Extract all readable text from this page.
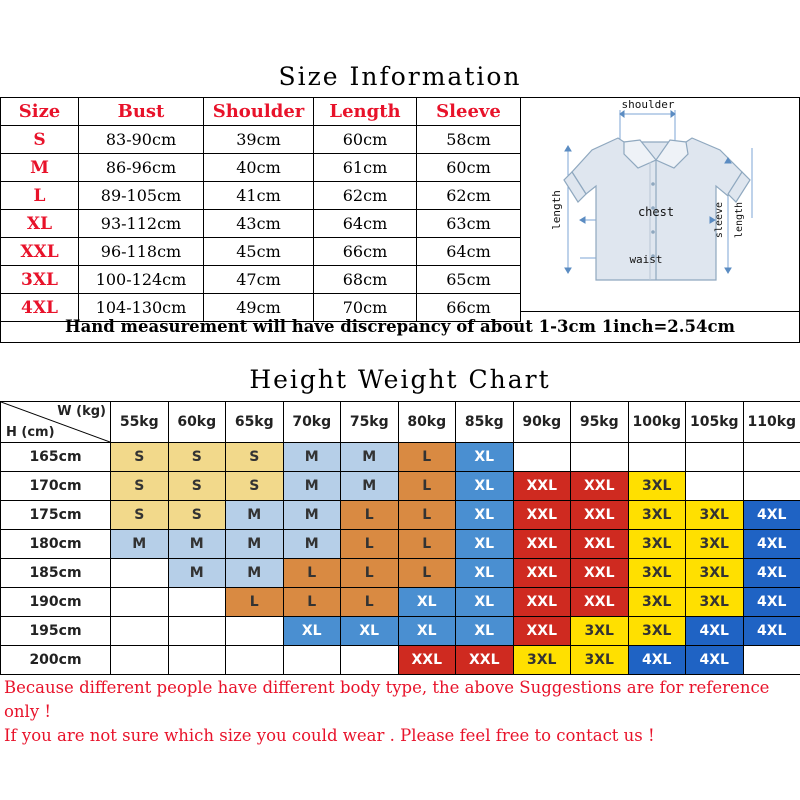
Size Information
Size	Bust	Shoulder	Length	Sleeve
S	83-90cm	39cm	60cm	58cm
M	86-96cm	40cm	61cm	60cm
L	89-105cm	41cm	62cm	62cm
XL	93-112cm	43cm	64cm	63cm
XXL	96-118cm	45cm	66cm	64cm
3XL	100-124cm	47cm	68cm	65cm
4XL	104-130cm	49cm	70cm	66cm
shoulder
chest
waist
length	sleeve length
Hand measurement will have discrepancy of about 1-3cm 1inch=2.54cm
Height Weight Chart
H (cm)
W (kg)	55kg	60kg	65kg	70kg	75kg	80kg	85kg	90kg	95kg	100kg	105kg	110kg
165cm	S	S	S	M	M	L	XL					
170cm	S	S	S	M	M	L	XL	XXL	XXL	3XL		
175cm	S	S	M	M	L	L	XL	XXL	XXL	3XL	3XL	4XL
180cm	M	M	M	M	L	L	XL	XXL	XXL	3XL	3XL	4XL
185cm		M	M	L	L	L	XL	XXL	XXL	3XL	3XL	4XL
190cm			L	L	L	XL	XL	XXL	XXL	3XL	3XL	4XL
195cm				XL	XL	XL	XL	XXL	3XL	3XL	4XL	4XL
200cm						XXL	XXL	3XL	3XL	4XL	4XL	
Because different people have different body type, the above Suggestions are for reference only !
If you are not sure which size you could wear . Please feel free to contact us !
